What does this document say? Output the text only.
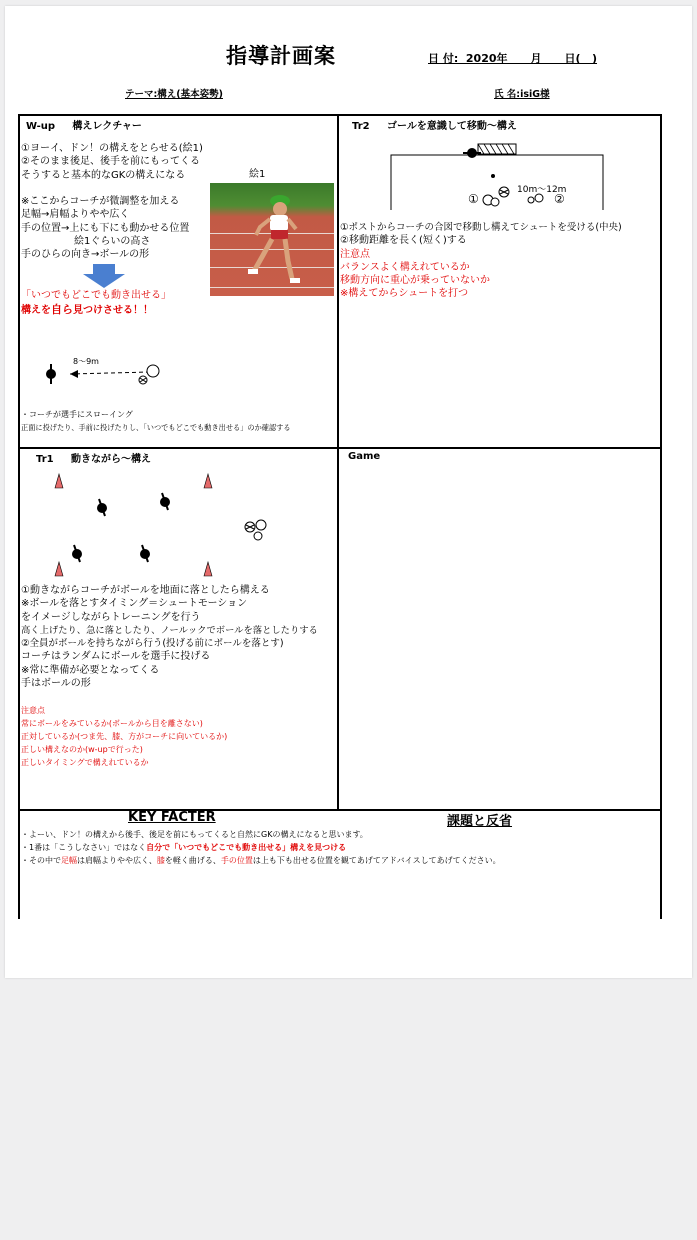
指導計画案	日 付:  2020年      月      日(   )
テーマ:構え(基本姿勢)	氏 名:isiG様
W-up     構えレクチャー
①ヨーイ、ドン！の構えをとらせる(絵1)
②そのまま後足、後手を前にもってくる
そうすると基本的なGKの構えになる	絵1
※ここからコーチが微調整を加える
足幅→肩幅よりやや広く
手の位置→上にも下にも動かせる位置
絵1ぐらいの高さ
手のひらの向き→ボールの形
「いつでもどこでも動き出せる」
構えを自ら見つけさせる！！
8〜9m
・コーチが選手にスローイング
正面に投げたり、手前に投げたりし、「いつでもどこでも動き出せる」のか確認する
Tr2     ゴールを意識して移動〜構え
①	②
10m〜12m
①ポストからコーチの合図で移動し構えてシュートを受ける(中央)
②移動距離を長く(短く)する
注意点
バランスよく構えれているか
移動方向に重心が乗っていないか
※構えてからシュートを打つ
Tr1     動きながら〜構え
①動きながらコーチがボールを地面に落としたら構える
※ボールを落とすタイミング＝シュートモーション
をイメージしながらトレーニングを行う
高く上げたり、急に落としたり、ノールックでボールを落としたりする
②全員がボールを持ちながら行う(投げる前にボールを落とす)
コーチはランダムにボールを選手に投げる
※常に準備が必要となってくる
手はボールの形
注意点
常にボールをみているか(ボールから目を離さない)
正対しているか(つま先、膝、方がコーチに向いているか)
正しい構えなのか(w-upで行った)
正しいタイミングで構えれているか
Game
KEY FACTER	課題と反省
・よーい、ドン！の構えから後手、後足を前にもってくると自然にGKの構えになると思います。
・1番は「こうしなさい」ではなく自分で「いつでもどこでも動き出せる」構えを見つける
・その中で足幅は肩幅よりやや広く、膝を軽く曲げる、手の位置は上も下も出せる位置を観てあげてアドバイスしてあげてください。
